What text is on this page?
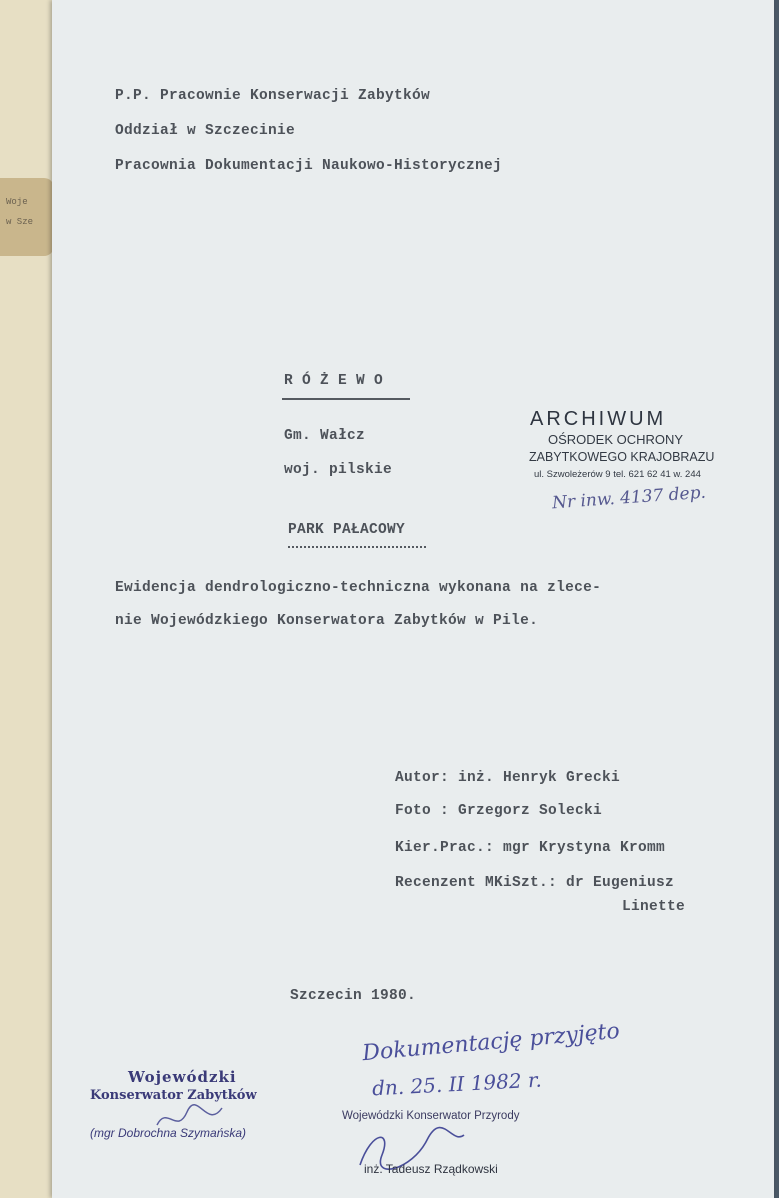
Woje
w Sze
P.P. Pracownie Konserwacji Zabytków
Oddział w Szczecinie
Pracownia Dokumentacji Naukowo-Historycznej
R Ó Ż E W O
Gm. Wałcz
woj. pilskie
PARK PAŁACOWY
Ewidencja dendrologiczno-techniczna wykonana na zlece-
nie Wojewódzkiego Konserwatora Zabytków w Pile.
Autor: inż. Henryk Grecki
Foto : Grzegorz Solecki
Kier.Prac.: mgr Krystyna Kromm
Recenzent MKiSzt.: dr Eugeniusz
Linette
Szczecin 1980.
ARCHIWUM
OŚRODEK OCHRONY
ZABYTKOWEGO KRAJOBRAZU
ul. Szwoleżerów 9 tel. 621 62 41 w. 244
Nr inw. 4137 dep.
Dokumentację przyjęto
dn. 25. II 1982 r.
Wojewódzki
Konserwator Zabytków
(mgr Dobrochna Szymańska)
Wojewódzki Konserwator Przyrody
inż. Tadeusz Rządkowski
